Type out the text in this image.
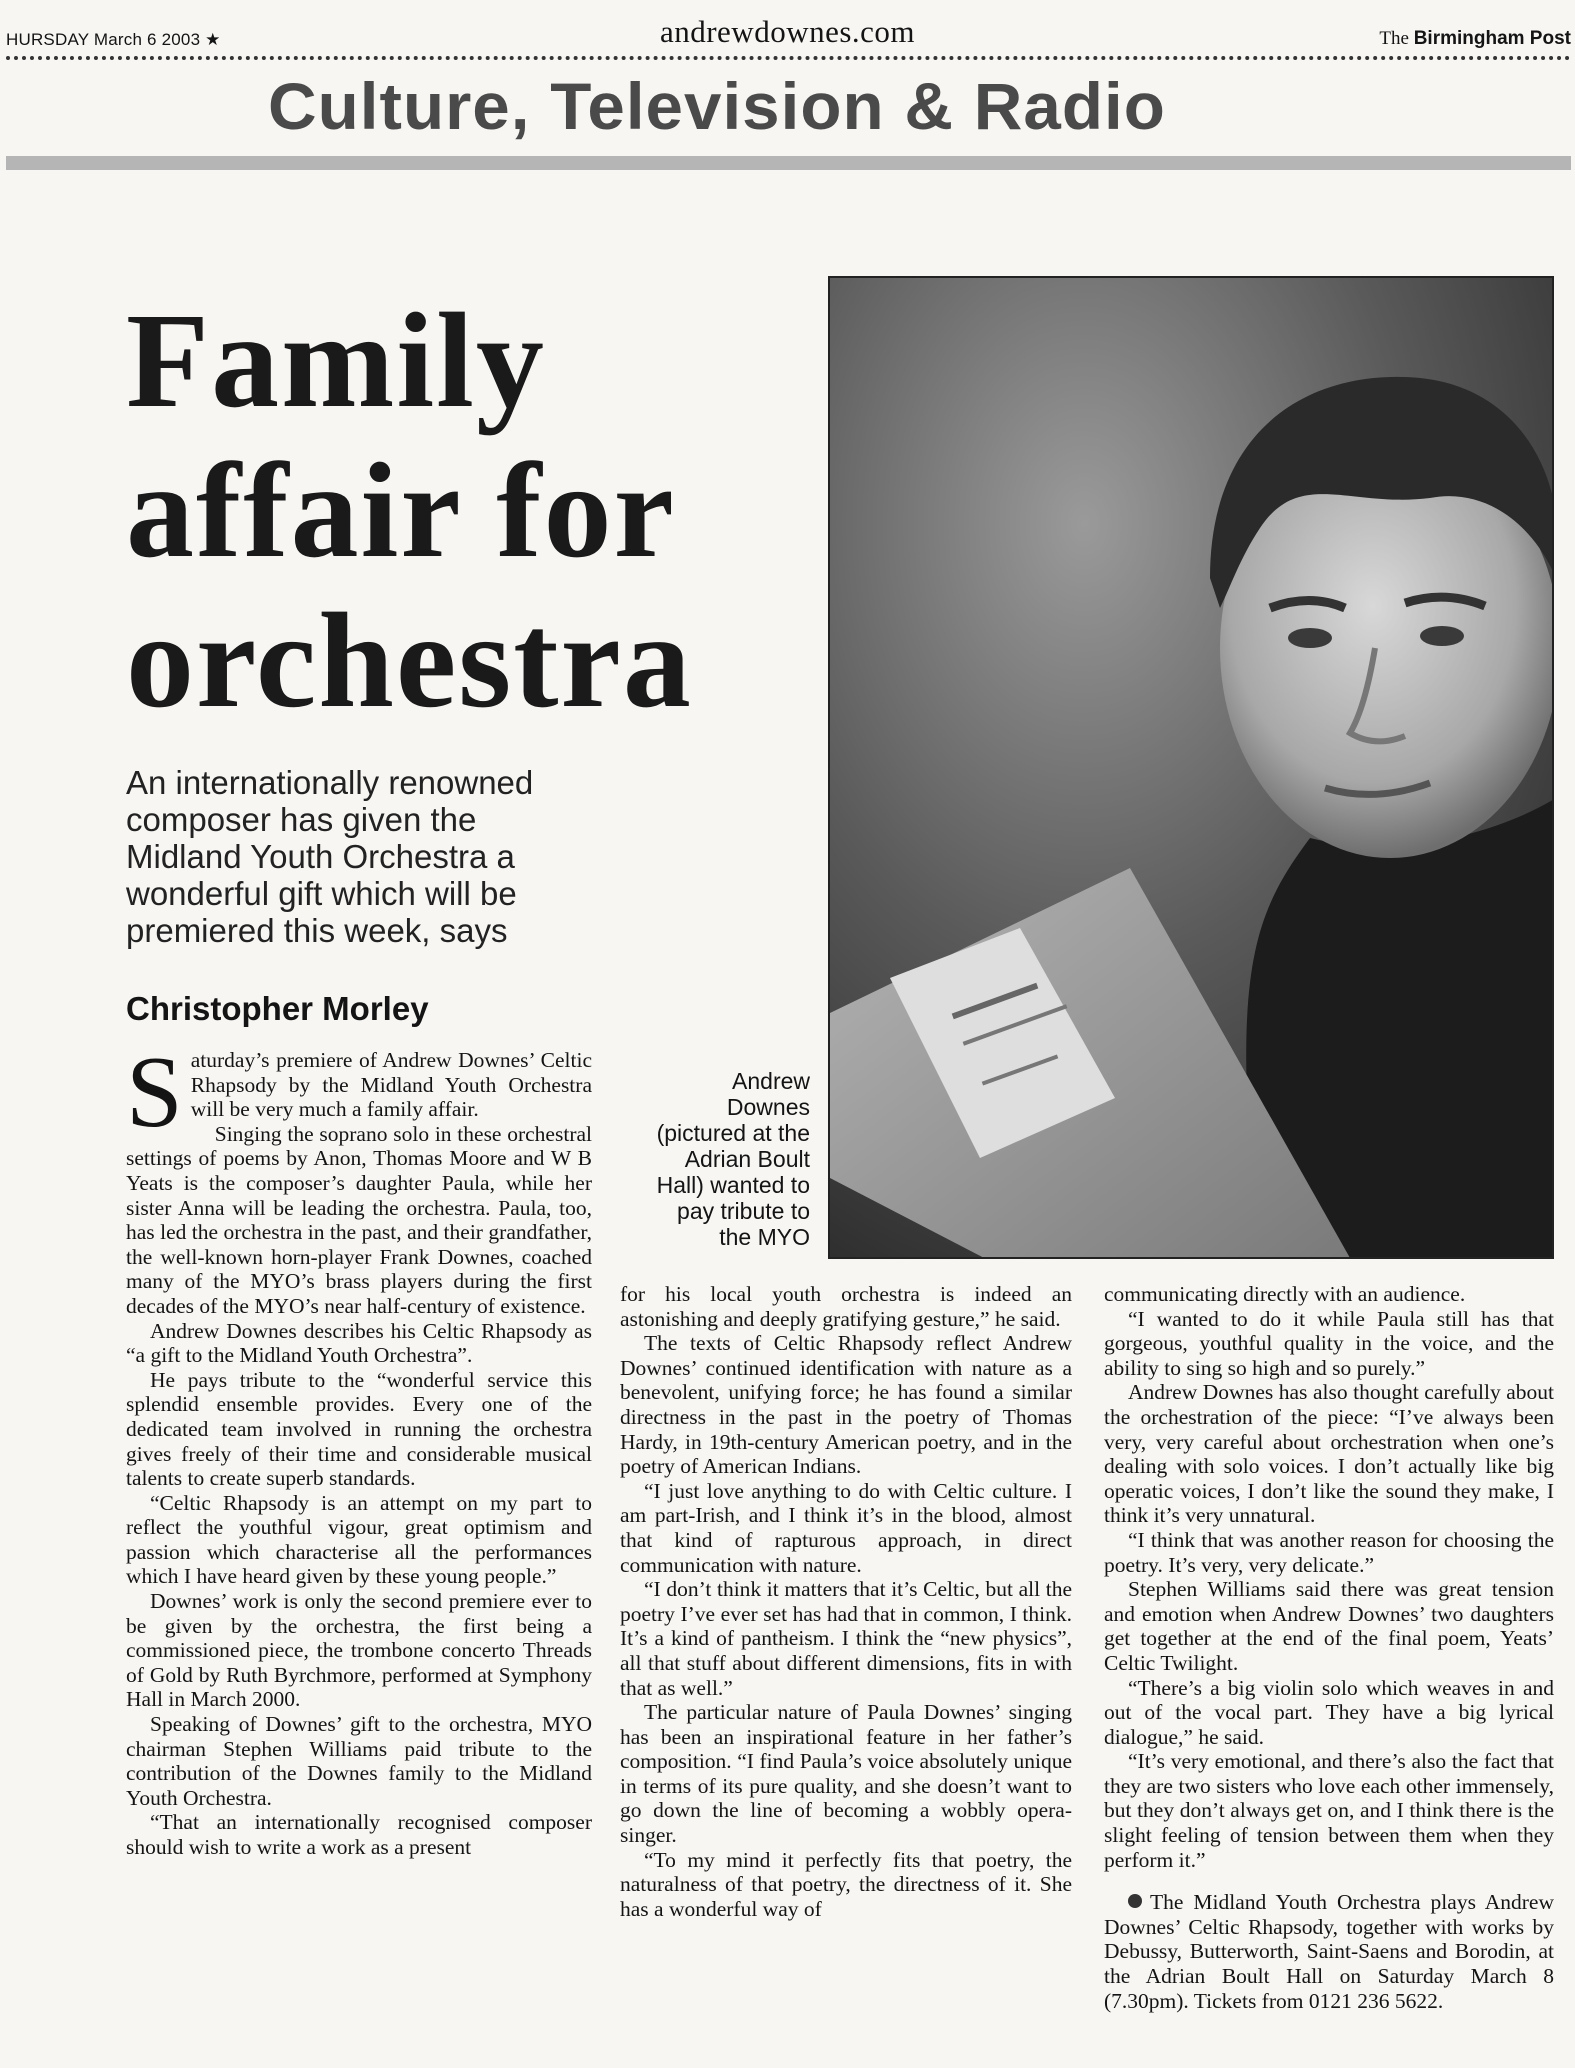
HURSDAY March 6 2003 ★	andrewdownes.com	The Birmingham Post
Culture, Television & Radio
Family
affair for
orchestra
An internationally renowned composer has given the Midland Youth Orchestra a wonderful gift which will be premiered this week, says
Christopher Morley
Andrew Downes (pictured at the Adrian Boult Hall) wanted to pay tribute to the MYO

Saturday’s premiere of Andrew Downes’ Celtic Rhapsody by the Midland Youth Orchestra will be very much a family affair.

Singing the soprano solo in these orchestral settings of poems by Anon, Thomas Moore and W B Yeats is the composer’s daughter Paula, while her sister Anna will be leading the orchestra. Paula, too, has led the orchestra in the past, and their grandfather, the well-known horn-player Frank Downes, coached many of the MYO’s brass players during the first decades of the MYO’s near half-century of existence.

Andrew Downes describes his Celtic Rhapsody as “a gift to the Midland Youth Orchestra”.

He pays tribute to the “wonderful service this splendid ensemble provides. Every one of the dedicated team involved in running the orchestra gives freely of their time and considerable musical talents to create superb standards.

“Celtic Rhapsody is an attempt on my part to reflect the youthful vigour, great optimism and passion which characterise all the performances which I have heard given by these young people.”

Downes’ work is only the second premiere ever to be given by the orchestra, the first being a commissioned piece, the trombone concerto Threads of Gold by Ruth Byrchmore, performed at Symphony Hall in March 2000.

Speaking of Downes’ gift to the orchestra, MYO chairman Stephen Williams paid tribute to the contribution of the Downes family to the Midland Youth Orchestra.

“That an internationally recognised composer should wish to write a work as a present

for his local youth orchestra is indeed an astonishing and deeply gratifying gesture,” he said.

The texts of Celtic Rhapsody reflect Andrew Downes’ continued identification with nature as a benevolent, unifying force; he has found a similar directness in the past in the poetry of Thomas Hardy, in 19th-century American poetry, and in the poetry of American Indians.

“I just love anything to do with Celtic culture. I am part-Irish, and I think it’s in the blood, almost that kind of rapturous approach, in direct communication with nature.

“I don’t think it matters that it’s Celtic, but all the poetry I’ve ever set has had that in common, I think. It’s a kind of pantheism. I think the “new physics”, all that stuff about different dimensions, fits in with that as well.”

The particular nature of Paula Downes’ singing has been an inspirational feature in her father’s composition. “I find Paula’s voice absolutely unique in terms of its pure quality, and she doesn’t want to go down the line of becoming a wobbly opera-singer.

“To my mind it perfectly fits that poetry, the naturalness of that poetry, the directness of it. She has a wonderful way of

communicating directly with an audience.

“I wanted to do it while Paula still has that gorgeous, youthful quality in the voice, and the ability to sing so high and so purely.”

Andrew Downes has also thought carefully about the orchestration of the piece: “I’ve always been very, very careful about orchestration when one’s dealing with solo voices. I don’t actually like big operatic voices, I don’t like the sound they make, I think it’s very unnatural.

“I think that was another reason for choosing the poetry. It’s very, very delicate.”

Stephen Williams said there was great tension and emotion when Andrew Downes’ two daughters get together at the end of the final poem, Yeats’ Celtic Twilight.

“There’s a big violin solo which weaves in and out of the vocal part. They have a big lyrical dialogue,” he said.

“It’s very emotional, and there’s also the fact that they are two sisters who love each other immensely, but they don’t always get on, and I think there is the slight feeling of tension between them when they perform it.”

The Midland Youth Orchestra plays Andrew Downes’ Celtic Rhapsody, together with works by Debussy, Butterworth, Saint-Saens and Borodin, at the Adrian Boult Hall on Saturday March 8 (7.30pm). Tickets from 0121 236 5622.
